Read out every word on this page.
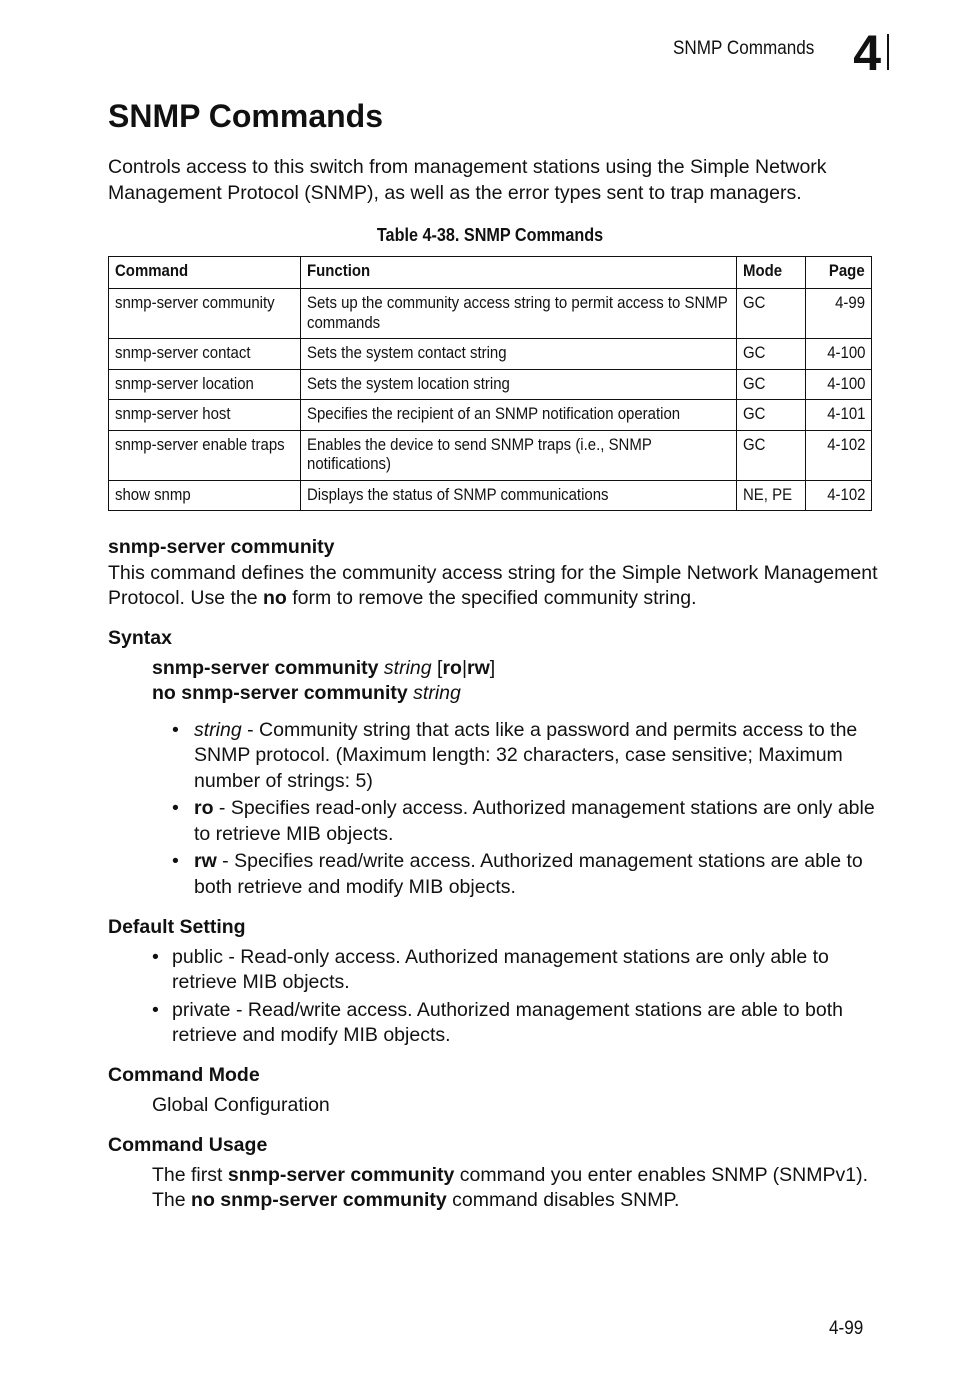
SNMP Commands 4
SNMP Commands

Controls access to this switch from management stations using the Simple Network Management Protocol (SNMP), as well as the error types sent to trap managers.

Table 4-38. SNMP Commands
Command	Function	Mode	Page
snmp-server community	Sets up the community access string to permit access to SNMP commands	GC	4-99
snmp-server contact	Sets the system contact string	GC	4-100
snmp-server location	Sets the system location string	GC	4-100
snmp-server host	Specifies the recipient of an SNMP notification operation	GC	4-101
snmp-server enable traps	Enables the device to send SNMP traps (i.e., SNMP notifications)	GC	4-102
show snmp	Displays the status of SNMP communications	NE, PE	4-102
snmp-server community

This command defines the community access string for the Simple Network Management Protocol. Use the no form to remove the specified community string.

Syntax
snmp-server community string [ro|rw]
no snmp-server community string
• string - Community string that acts like a password and permits access to the SNMP protocol. (Maximum length: 32 characters, case sensitive; Maximum number of strings: 5)
• ro - Specifies read-only access. Authorized management stations are only able to retrieve MIB objects.
• rw - Specifies read/write access. Authorized management stations are able to both retrieve and modify MIB objects.
Default Setting
• public - Read-only access. Authorized management stations are only able to retrieve MIB objects.
• private - Read/write access. Authorized management stations are able to both retrieve and modify MIB objects.
Command Mode
Global Configuration
Command Usage
The first snmp-server community command you enter enables SNMP (SNMPv1). The no snmp-server community command disables SNMP.
4-99
